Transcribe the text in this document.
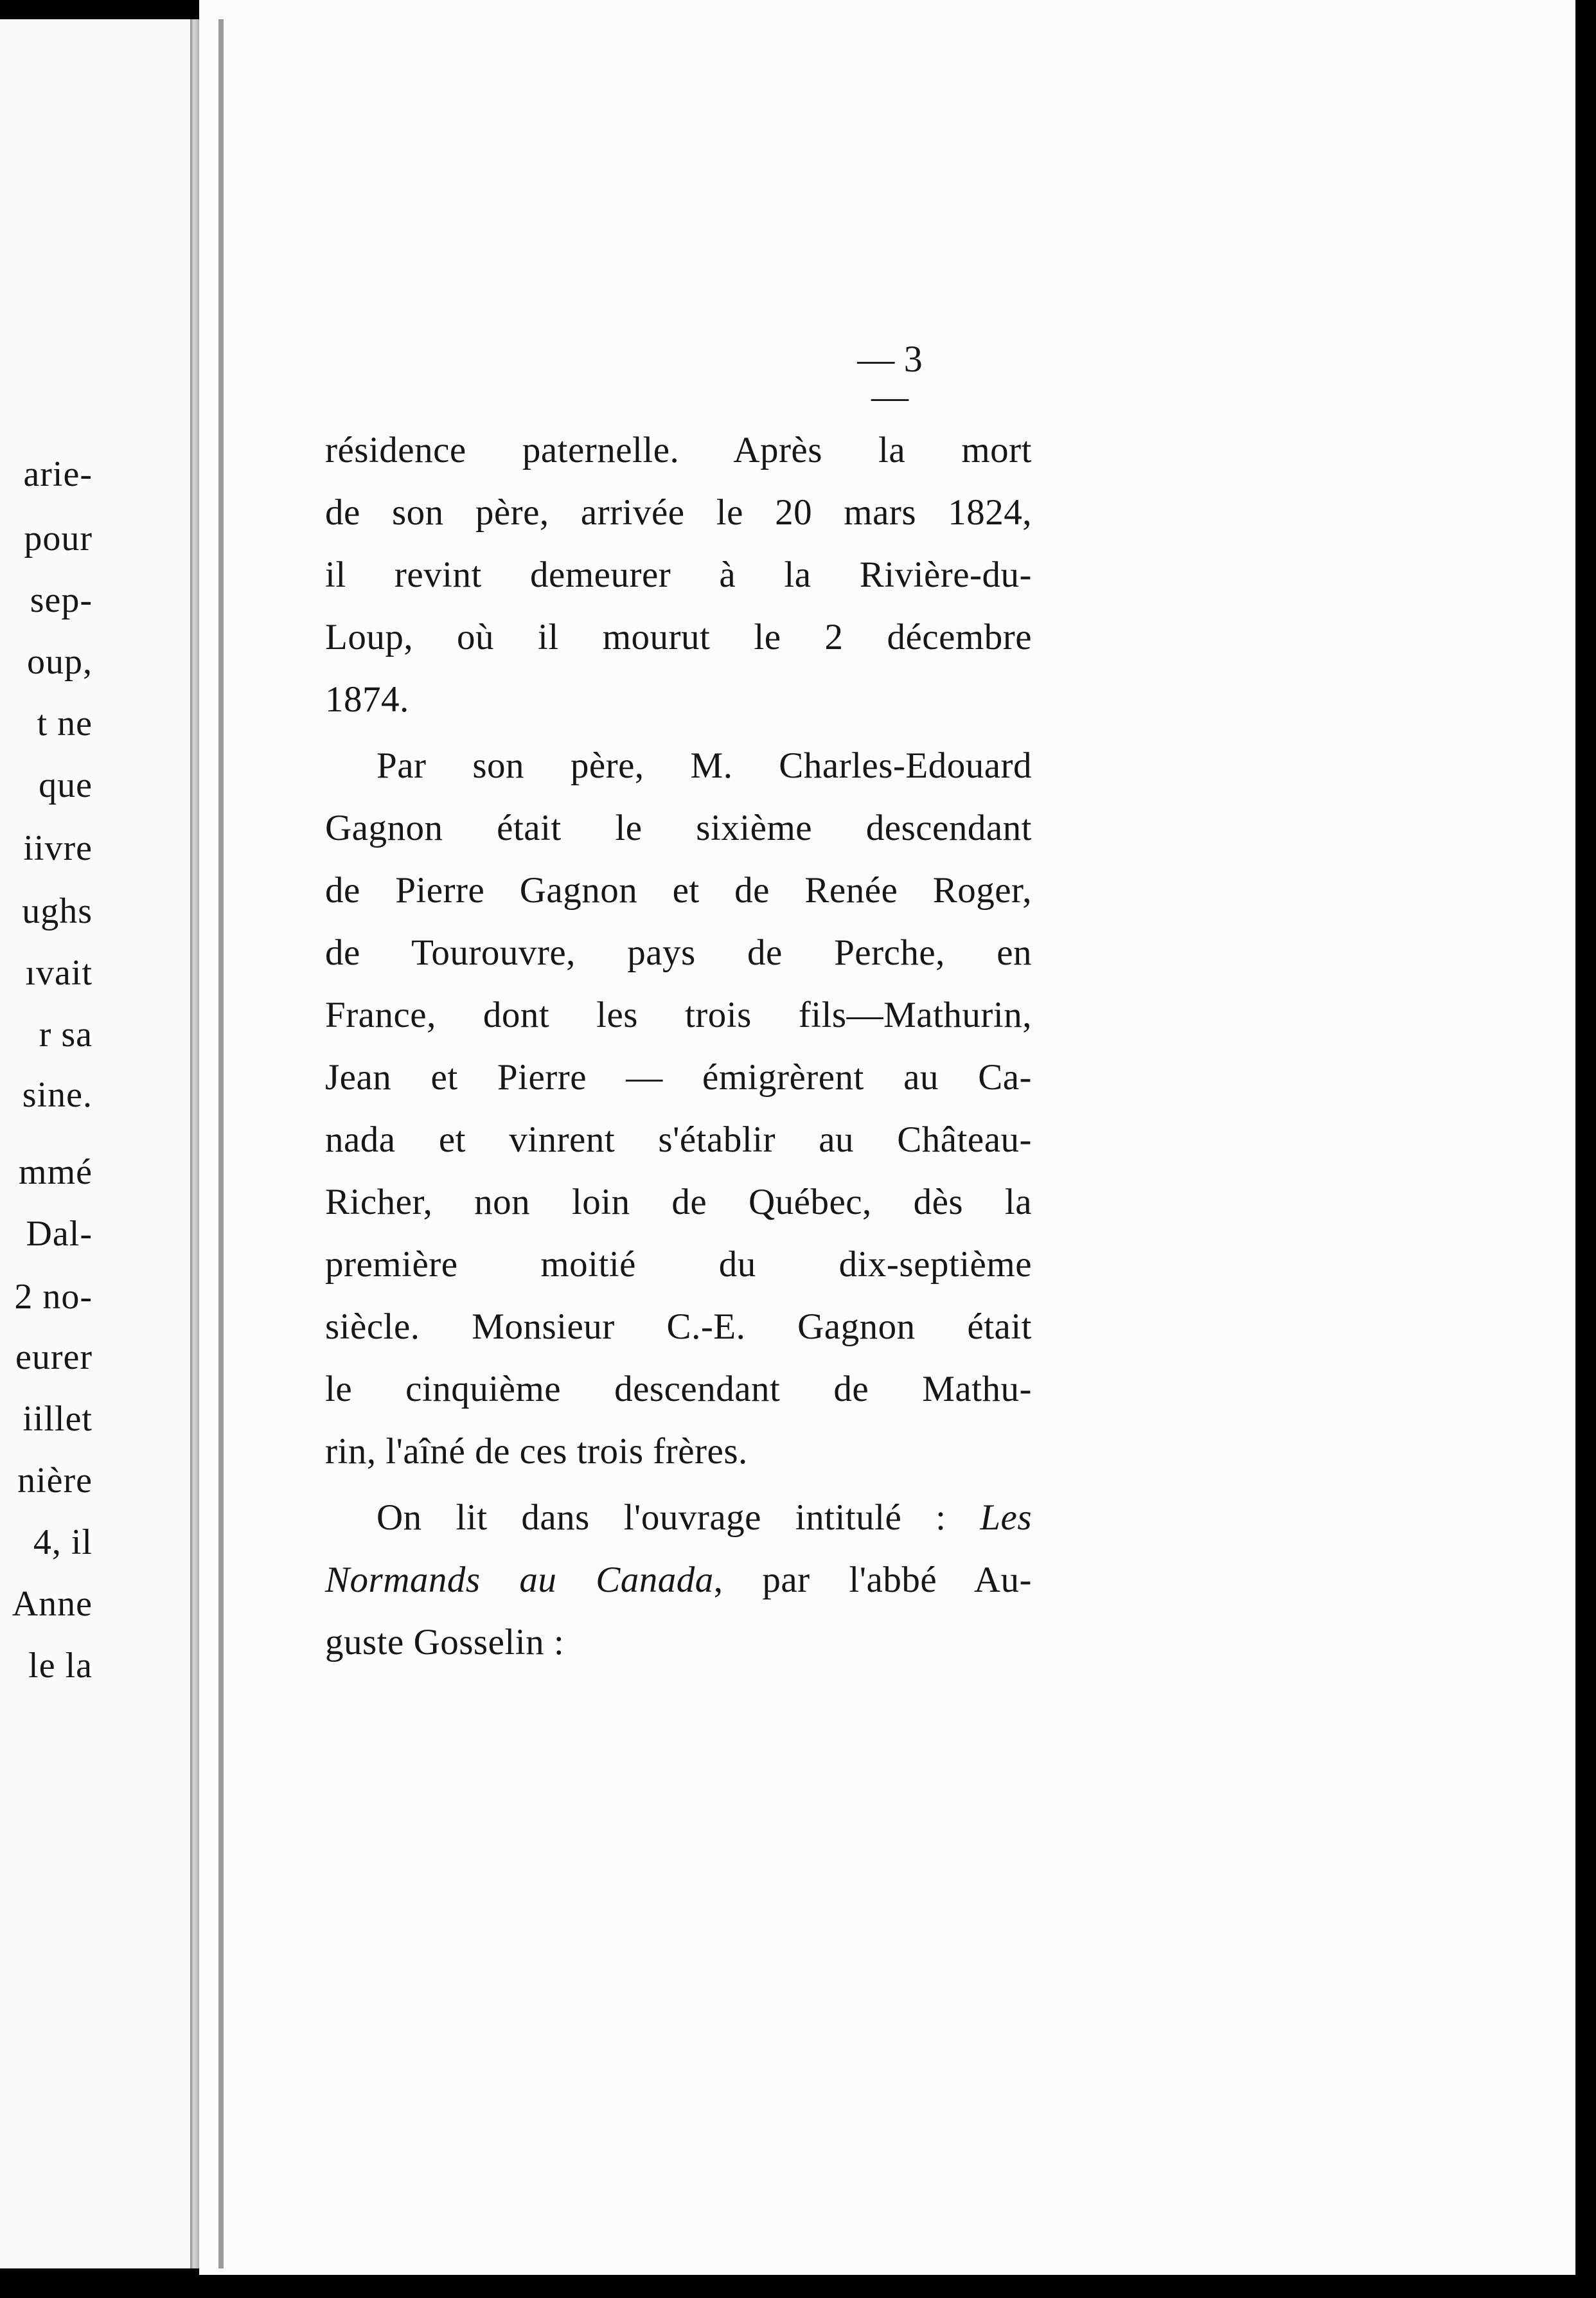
arie-
pour
sep-
oup,
t ne
que
iivre
ughs
ıvait
r sa
sine.
mmé
Dal-
2 no-
eurer
iillet
nière
4, il
Anne
le la
— 3 —
résidence paternelle. Après la mort
de son père, arrivée le 20 mars 1824,
il revint demeurer à la Rivière-du-
Loup, où il mourut le 2 décembre
1874.
Par son père, M. Charles-Edouard
Gagnon était le sixième descendant
de Pierre Gagnon et de Renée Roger,
de Tourouvre, pays de Perche, en
France, dont les trois fils—Mathurin,
Jean et Pierre — émigrèrent au Ca-
nada et vinrent s'établir au Château-
Richer, non loin de Québec, dès la
première moitié du dix-septième
siècle. Monsieur C.-E. Gagnon était
le cinquième descendant de Mathu-
rin, l'aîné de ces trois frères.
On lit dans l'ouvrage intitulé : Les
Normands au Canada, par l'abbé Au-
guste Gosselin :
